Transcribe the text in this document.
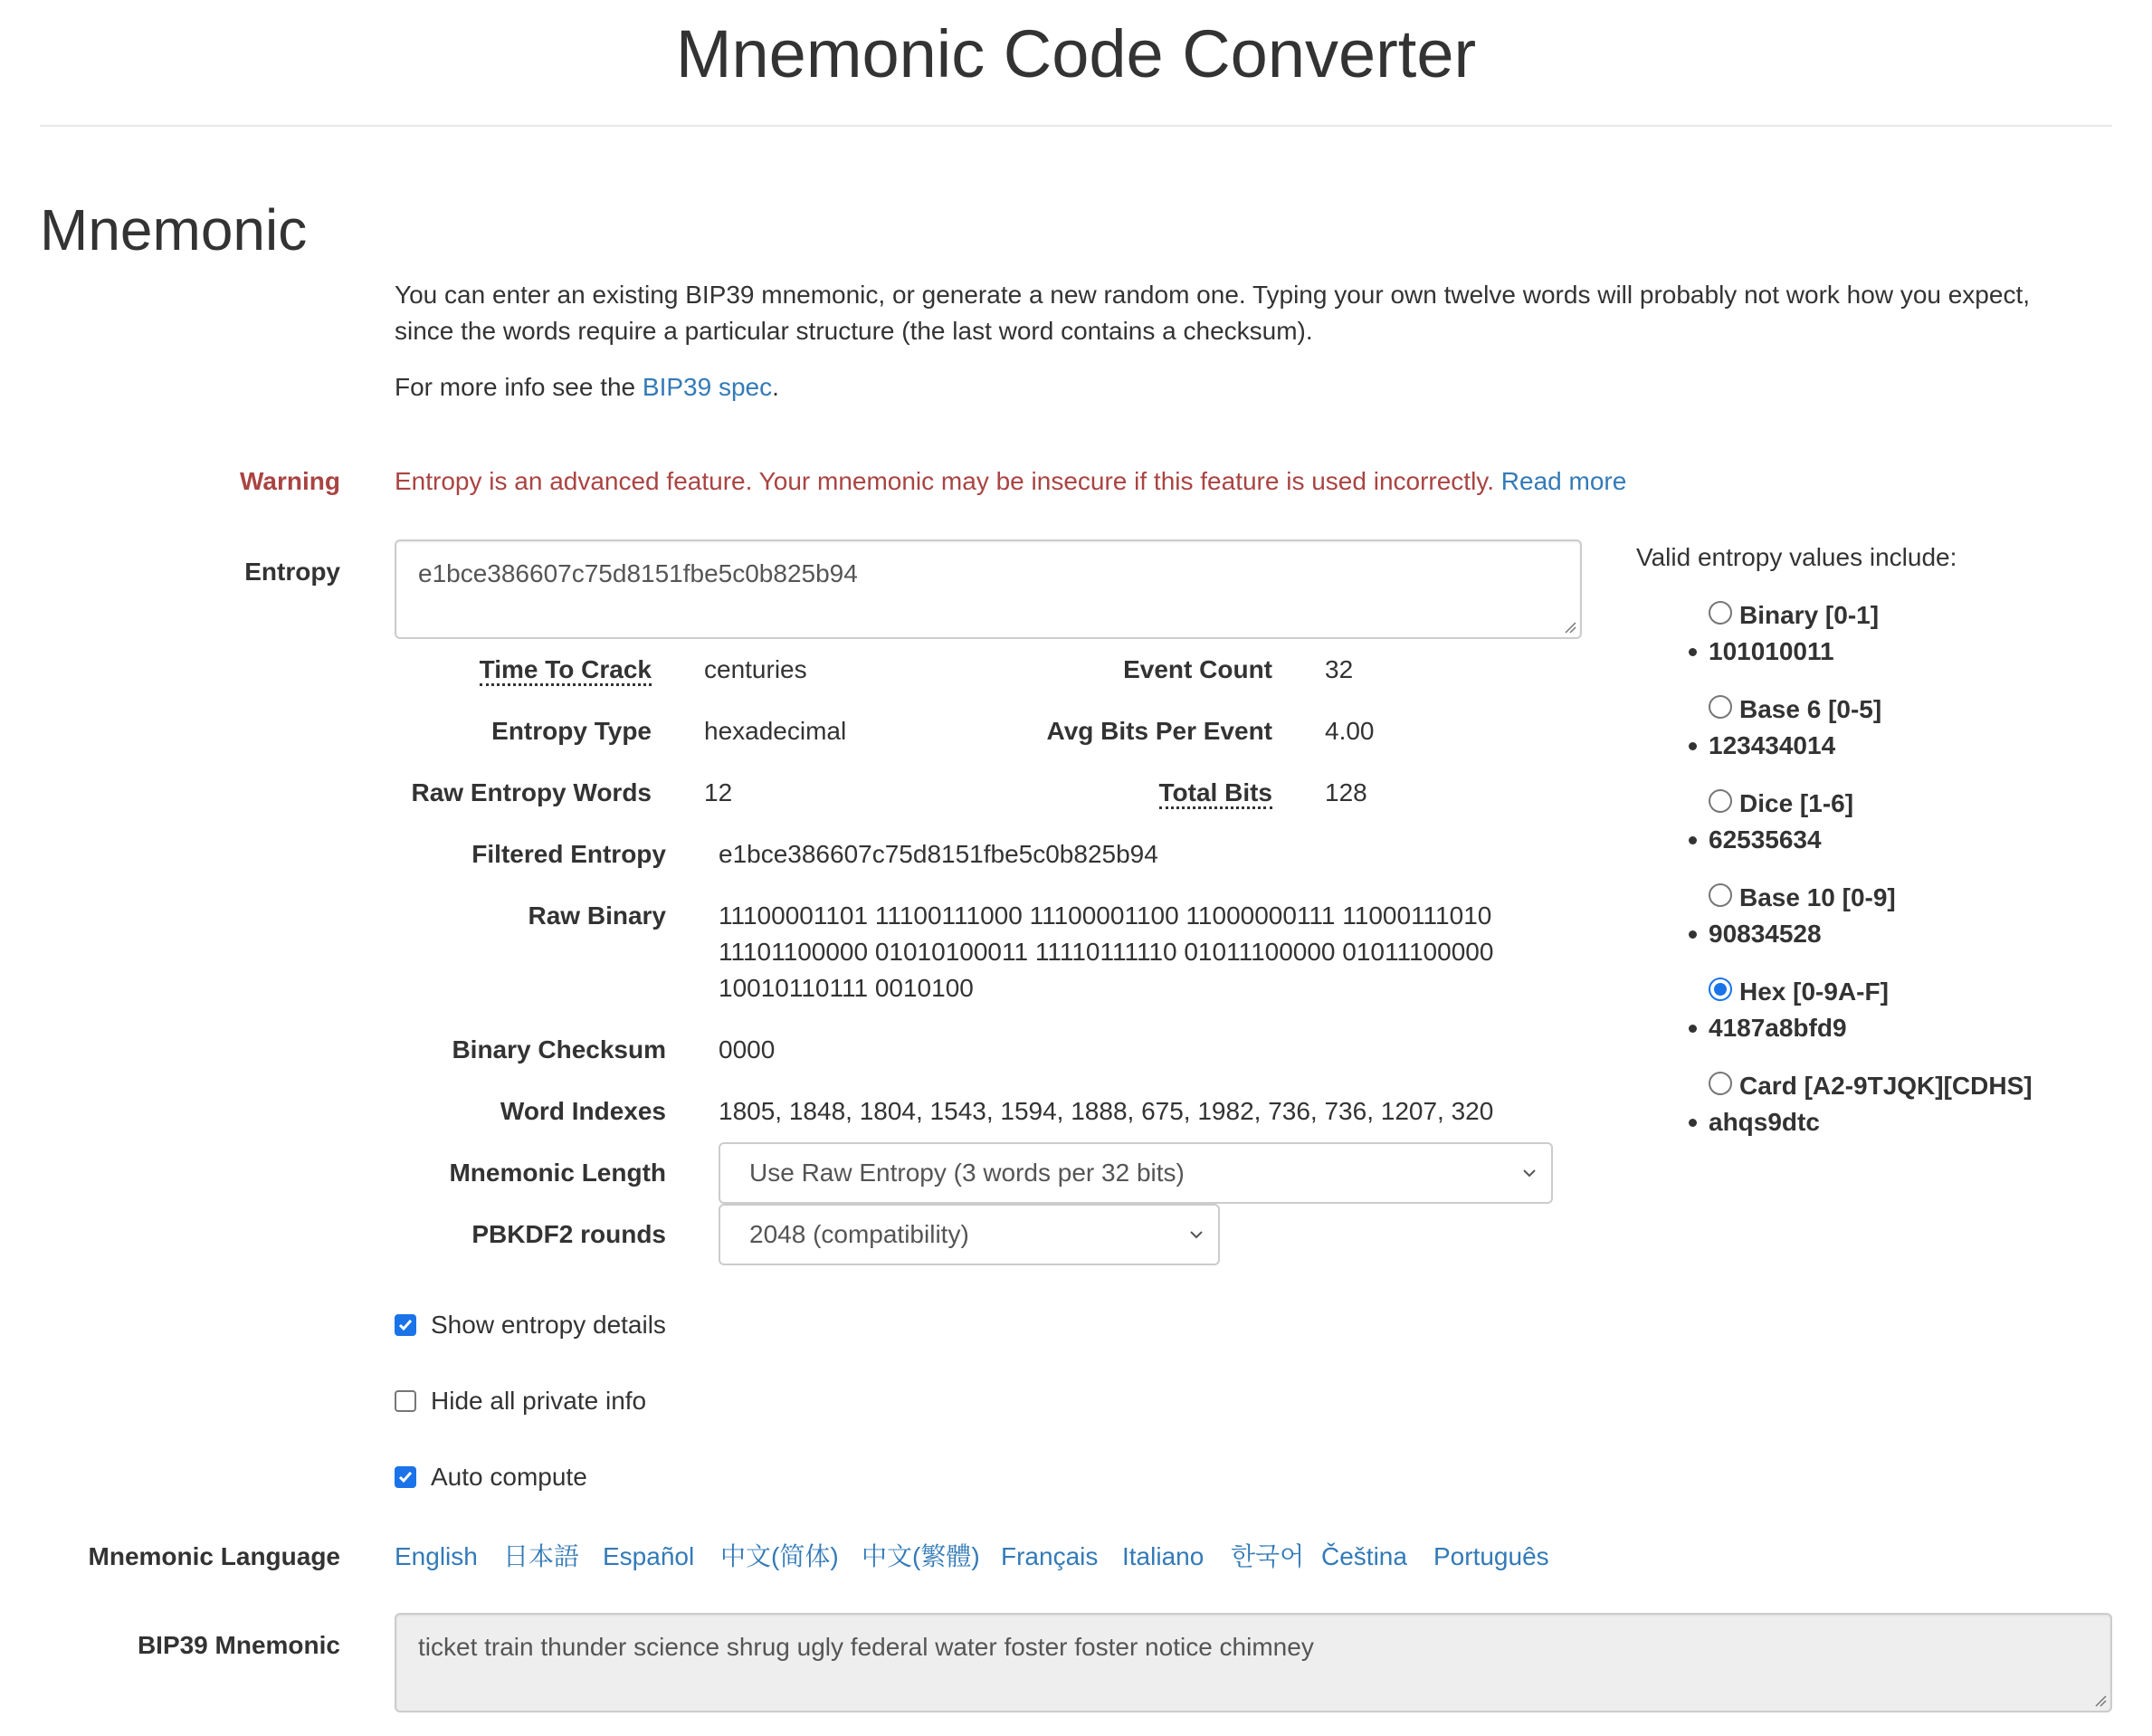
Mnemonic Code Converter
Mnemonic

You can enter an existing BIP39 mnemonic, or generate a new random one. Typing your own twelve words will probably not work how you expect, since the words require a particular structure (the last word contains a checksum).

For more info see the BIP39 spec.

Warning Entropy is an advanced feature. Your mnemonic may be insecure if this feature is used incorrectly. Read more
Entropy	e1bce386607c75d8151fbe5c0b825b94
Time To Crack centuries	Event Count 32
Entropy Type hexadecimal	Avg Bits Per Event 4.00
Raw Entropy Words 12	Total Bits 128
Filtered Entropy e1bce386607c75d8151fbe5c0b825b94
Raw Binary 11100001101 11100111000 11100001100 11000000111 11000111010
11101100000 01010100011 11110111110 01011100000 01011100000
10010110111 0010100
Binary Checksum 0000
Word Indexes 1805, 1848, 1804, 1543, 1594, 1888, 675, 1982, 736, 736, 1207, 320
Mnemonic Length	Use Raw Entropy (3 words per 32 bits)
PBKDF2 rounds	2048 (compatibility)
Show entropy details
Hide all private info
Auto compute
Mnemonic Language English 日本語 Español 中文(简体) 中文(繁體) Français Italiano 한국어 Čeština Português
BIP39 Mnemonic	ticket train thunder science shrug ugly federal water foster foster notice chimney
Valid entropy values include:
Binary [0-1]
101010011
Base 6 [0-5]
123434014
Dice [1-6]
62535634
Base 10 [0-9]
90834528
Hex [0-9A-F]
4187a8bfd9
Card [A2-9TJQK][CDHS]
ahqs9dtc
